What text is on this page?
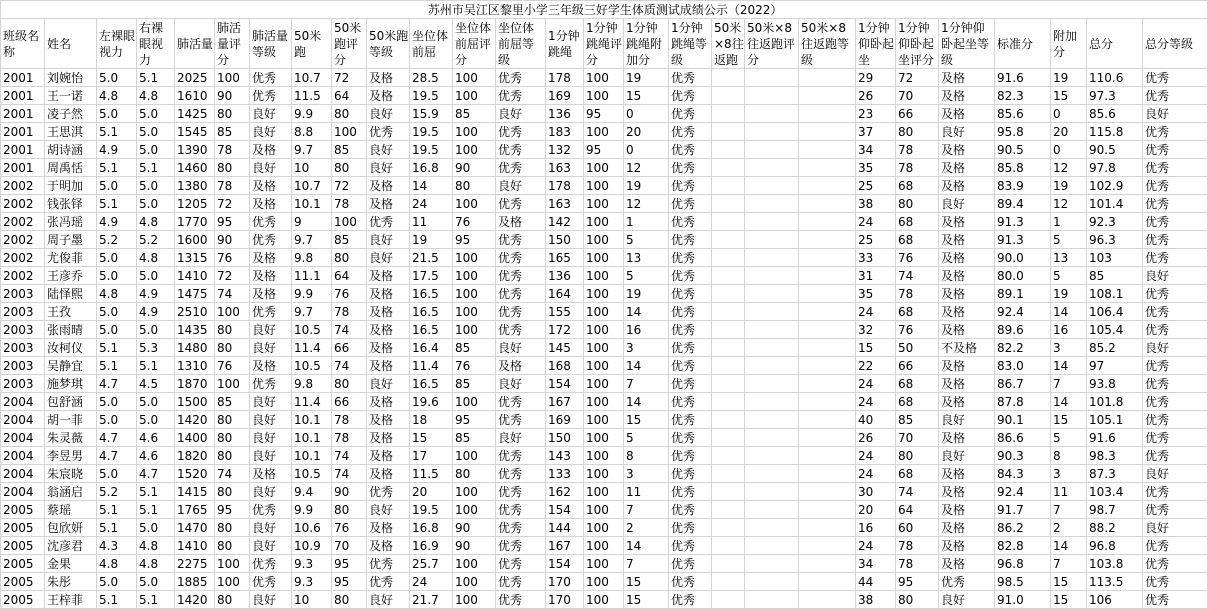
苏州市吴江区黎里小学三年级三好学生体质测试成绩公示（2022）																										
班级名称	姓名	左裸眼视力	右裸眼视力	肺活量	肺活量评分	肺活量等级	50米跑	50米跑评分	50米跑等级	坐位体前屈	坐位体前屈评分	坐位体前屈等级	1分钟跳绳	1分钟跳绳评分	1分钟跳绳附加分	1分钟跳绳等级	50米×8往返跑	50米×8往返跑评分	50米×8往返跑等级	1分钟仰卧起坐	1分钟仰卧起坐评分	1分钟仰卧起坐等级	标准分	附加分	总分	总分等级
2001	刘婉怡	5.0	5.1	2025	100	优秀	10.7	72	及格	28.5	100	优秀	178	100	19	优秀				29	72	及格	91.6	19	110.6	优秀
2001	王一诺	4.8	4.8	1610	90	优秀	11.5	64	及格	19.5	100	优秀	169	100	15	优秀				26	70	及格	82.3	15	97.3	优秀
2001	凌子然	5.0	5.0	1425	80	良好	9.9	80	良好	15.9	85	良好	136	95	0	优秀				23	66	及格	85.6	0	85.6	良好
2001	王思淇	5.1	5.0	1545	85	良好	8.8	100	优秀	19.5	100	优秀	183	100	20	优秀				37	80	良好	95.8	20	115.8	优秀
2001	胡诗涵	4.9	5.0	1390	78	及格	9.7	85	良好	19.5	100	优秀	132	95	0	优秀				34	78	及格	90.5	0	90.5	优秀
2001	周禹恬	5.1	5.1	1460	80	良好	10	80	良好	16.8	90	优秀	163	100	12	优秀				35	78	及格	85.8	12	97.8	优秀
2002	于明加	5.0	5.0	1380	78	及格	10.7	72	及格	14	80	良好	178	100	19	优秀				25	68	及格	83.9	19	102.9	优秀
2002	钱张铎	5.1	5.0	1205	72	及格	10.1	78	及格	24	100	优秀	163	100	12	优秀				38	80	良好	89.4	12	101.4	优秀
2002	张冯瑶	4.9	4.8	1770	95	优秀	9	100	优秀	11	76	及格	142	100	1	优秀				24	68	及格	91.3	1	92.3	优秀
2002	周子墨	5.2	5.2	1600	90	优秀	9.7	85	良好	19	95	优秀	150	100	5	优秀				25	68	及格	91.3	5	96.3	优秀
2002	尤俊菲	5.0	4.8	1315	76	及格	9.8	80	良好	21.5	100	优秀	165	100	13	优秀				33	76	及格	90.0	13	103	优秀
2002	王彦乔	5.0	5.0	1410	72	及格	11.1	64	及格	17.5	100	优秀	136	100	5	优秀				31	74	及格	80.0	5	85	良好
2003	陆怿熙	4.8	4.9	1475	74	及格	9.9	76	及格	16.5	100	优秀	164	100	19	优秀				35	78	及格	89.1	19	108.1	优秀
2003	王孜	5.0	4.9	2510	100	优秀	9.7	78	及格	16.5	100	优秀	155	100	14	优秀				24	68	及格	92.4	14	106.4	优秀
2003	张雨晴	5.0	5.0	1435	80	良好	10.5	74	及格	16.5	100	优秀	172	100	16	优秀				32	76	及格	89.6	16	105.4	优秀
2003	汝柯仪	5.1	5.3	1480	80	良好	11.4	66	及格	16.4	85	良好	145	100	3	优秀				15	50	不及格	82.2	3	85.2	良好
2003	吴静宜	5.1	5.1	1310	76	及格	10.5	74	及格	11.4	76	及格	168	100	14	优秀				22	66	及格	83.0	14	97	优秀
2003	施梦琪	4.7	4.5	1870	100	优秀	9.8	80	良好	16.5	85	良好	154	100	7	优秀				24	68	及格	86.7	7	93.8	优秀
2004	包舒涵	5.0	5.0	1500	85	良好	11.4	66	及格	19.6	100	优秀	167	100	14	优秀				24	68	及格	87.8	14	101.8	优秀
2004	胡一菲	5.0	5.0	1420	80	良好	10.1	78	及格	18	95	优秀	169	100	15	优秀				40	85	良好	90.1	15	105.1	优秀
2004	朱灵薇	4.7	4.6	1400	80	良好	10.1	78	及格	15	85	良好	150	100	5	优秀				26	70	及格	86.6	5	91.6	优秀
2004	李昱男	4.7	4.6	1820	80	良好	10.1	74	及格	17	100	优秀	143	100	8	优秀				24	80	良好	90.3	8	98.3	优秀
2004	朱宸晓	5.0	4.7	1520	74	及格	10.5	74	及格	11.5	80	优秀	133	100	3	优秀				24	68	及格	84.3	3	87.3	良好
2004	翁涵启	5.2	5.1	1415	80	良好	9.4	90	优秀	20	100	优秀	162	100	11	优秀				30	74	及格	92.4	11	103.4	优秀
2005	蔡瑶	5.1	5.1	1765	95	优秀	9.9	80	良好	19.5	100	优秀	154	100	7	优秀				20	64	及格	91.7	7	98.7	优秀
2005	包欣妍	5.1	5.0	1470	80	良好	10.6	76	及格	16.8	90	优秀	144	100	2	优秀				16	60	及格	86.2	2	88.2	良好
2005	沈彦君	4.3	4.8	1410	80	良好	10.9	70	及格	16.9	90	优秀	167	100	14	优秀				24	78	及格	82.8	14	96.8	优秀
2005	金果	4.8	4.8	2275	100	优秀	9.3	95	优秀	25.7	100	优秀	154	100	7	优秀				34	78	及格	96.8	7	103.8	优秀
2005	朱彤	5.0	5.0	1885	100	优秀	9.3	95	优秀	24	100	优秀	170	100	15	优秀				44	95	优秀	98.5	15	113.5	优秀
2005	王梓菲	5.1	5.1	1420	80	良好	10	80	良好	21.7	100	优秀	170	100	15	优秀				38	80	良好	91.0	15	106	优秀
